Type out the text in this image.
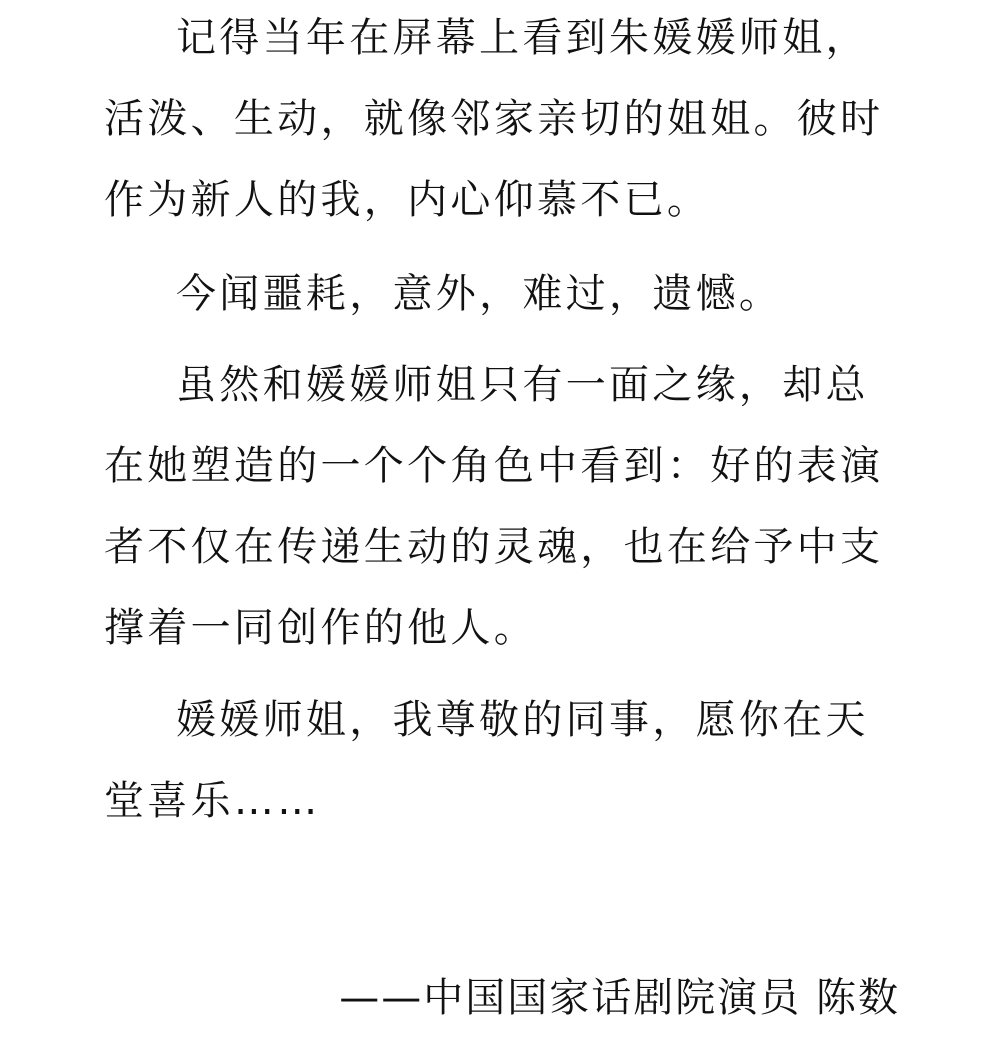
记得当年在屏幕上看到朱媛媛师姐，活泼、生动，就像邻家亲切的姐姐。彼时作为新人的我，内心仰慕不已。

今闻噩耗，意外，难过，遗憾。

虽然和媛媛师姐只有一面之缘，却总在她塑造的一个个角色中看到：好的表演者不仅在传递生动的灵魂，也在给予中支撑着一同创作的他人。

媛媛师姐，我尊敬的同事，愿你在天堂喜乐……

——中国国家话剧院演员 陈数
